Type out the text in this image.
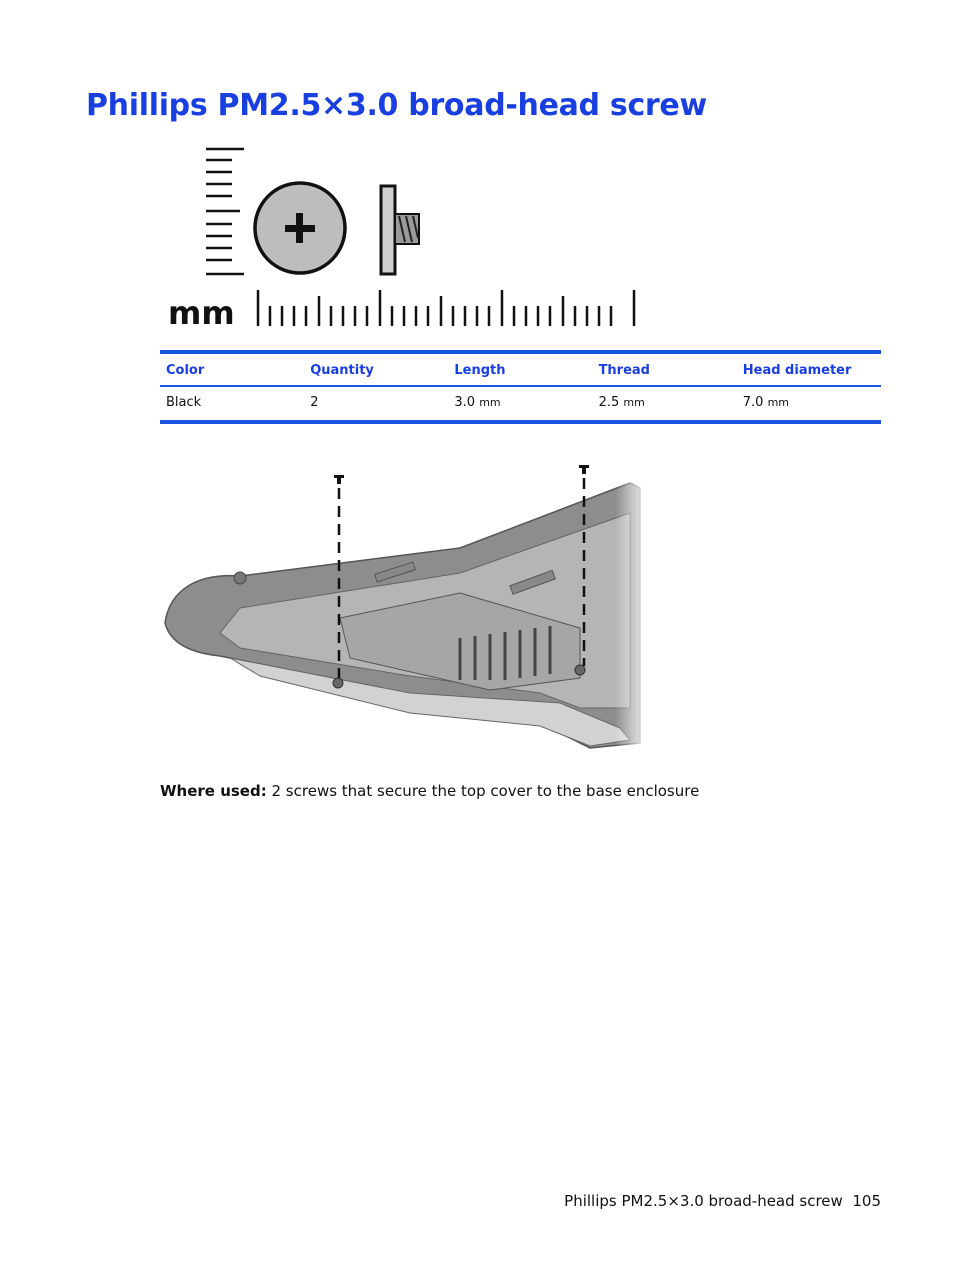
Phillips PM2.5×3.0 broad-head screw
mm
Color	Quantity	Length	Thread	Head diameter
Black	2	3.0 mm	2.5 mm	7.0 mm

Where used: 2 screws that secure the top cover to the base enclosure

Phillips PM2.5×3.0 broad-head screw 105
